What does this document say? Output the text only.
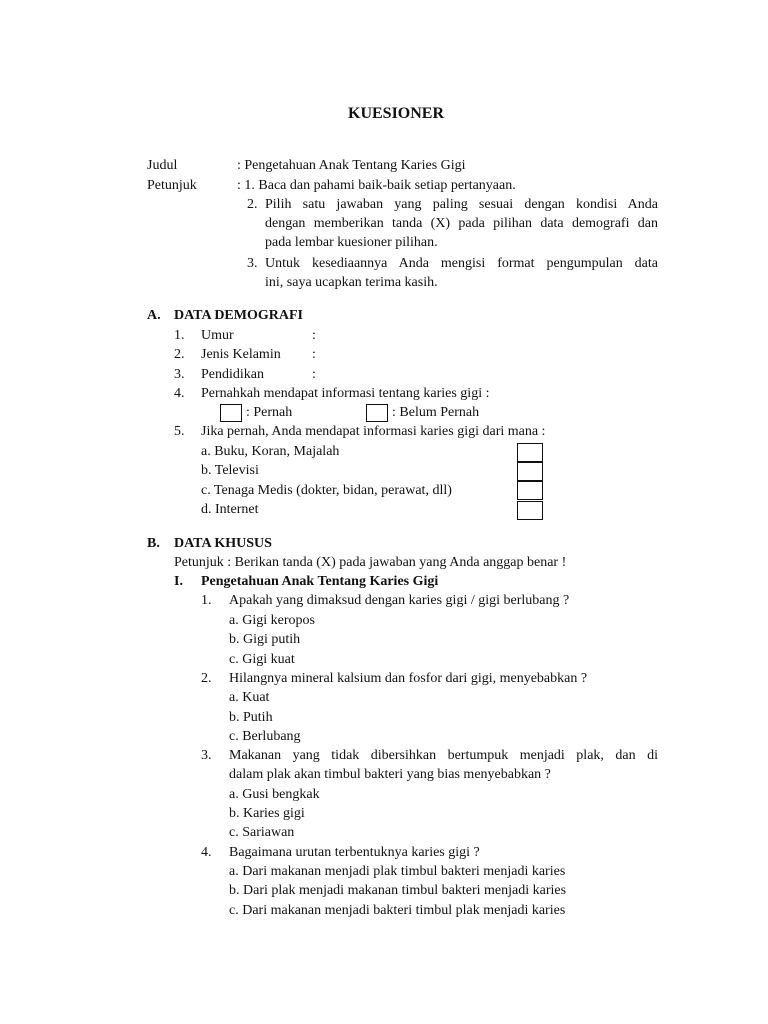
KUESIONER
Judul	: Pengetahuan Anak Tentang Karies Gigi
Petunjuk	: 1. Baca dan pahami baik-baik setiap pertanyaan.
2. Pilih satu jawaban yang paling sesuai dengan kondisi Anda
dengan memberikan tanda (X) pada pilihan data demografi dan
pada lembar kuesioner pilihan.
3. Untuk kesediaannya Anda mengisi format pengumpulan data
ini, saya ucapkan terima kasih.
A. DATA DEMOGRAFI
1. Umur	:
2. Jenis Kelamin :
3. Pendidikan	:
4. Pernahkah mendapat informasi tentang karies gigi :
: Pernah	: Belum Pernah
5. Jika pernah, Anda mendapat informasi karies gigi dari mana :
a. Buku, Koran, Majalah
b. Televisi
c. Tenaga Medis (dokter, bidan, perawat, dll)
d. Internet
B. DATA KHUSUS
Petunjuk : Berikan tanda (X) pada jawaban yang Anda anggap benar !
I. Pengetahuan Anak Tentang Karies Gigi
1. Apakah yang dimaksud dengan karies gigi / gigi berlubang ?
a. Gigi keropos
b. Gigi putih
c. Gigi kuat
2. Hilangnya mineral kalsium dan fosfor dari gigi, menyebabkan ?
a. Kuat
b. Putih
c. Berlubang
3. Makanan yang tidak dibersihkan bertumpuk menjadi plak, dan di
dalam plak akan timbul bakteri yang bias menyebabkan ?
a. Gusi bengkak
b. Karies gigi
c. Sariawan
4. Bagaimana urutan terbentuknya karies gigi ?
a. Dari makanan menjadi plak timbul bakteri menjadi karies
b. Dari plak menjadi makanan timbul bakteri menjadi karies
c. Dari makanan menjadi bakteri timbul plak menjadi karies
